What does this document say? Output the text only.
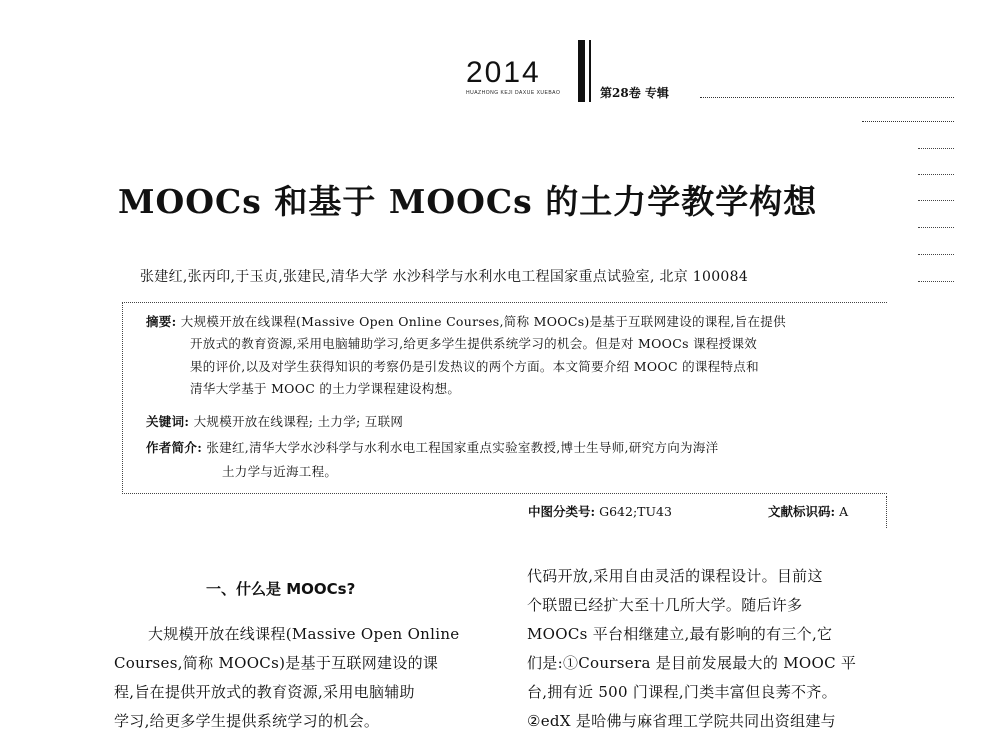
2014
HUAZHONG KEJI DAXUE XUEBAO	第28卷 专辑
MOOCs 和基于 MOOCs 的土力学教学构想
张建红,张丙印,于玉贞,张建民,清华大学 水沙科学与水利水电工程国家重点试验室, 北京 100084
摘要: 大规模开放在线课程(Massive Open Online Courses,简称 MOOCs)是基于互联网建设的课程,旨在提供
开放式的教育资源,采用电脑辅助学习,给更多学生提供系统学习的机会。但是对 MOOCs 课程授课效
果的评价,以及对学生获得知识的考察仍是引发热议的两个方面。本文简要介绍 MOOC 的课程特点和
清华大学基于 MOOC 的土力学课程建设构想。
关键词: 大规模开放在线课程; 土力学; 互联网
作者简介: 张建红,清华大学水沙科学与水利水电工程国家重点实验室教授,博士生导师,研究方向为海洋
土力学与近海工程。
中图分类号: G642;TU43	文献标识码: A
一、什么是 MOOCs?
大规模开放在线课程(Massive Open Online
Courses,简称 MOOCs)是基于互联网建设的课
程,旨在提供开放式的教育资源,采用电脑辅助
学习,给更多学生提供系统学习的机会。
代码开放,采用自由灵活的课程设计。目前这
个联盟已经扩大至十几所大学。随后许多
MOOCs 平台相继建立,最有影响的有三个,它
们是:①Coursera 是目前发展最大的 MOOC 平
台,拥有近 500 门课程,门类丰富但良莠不齐。
②edX 是哈佛与麻省理工学院共同出资组建与
